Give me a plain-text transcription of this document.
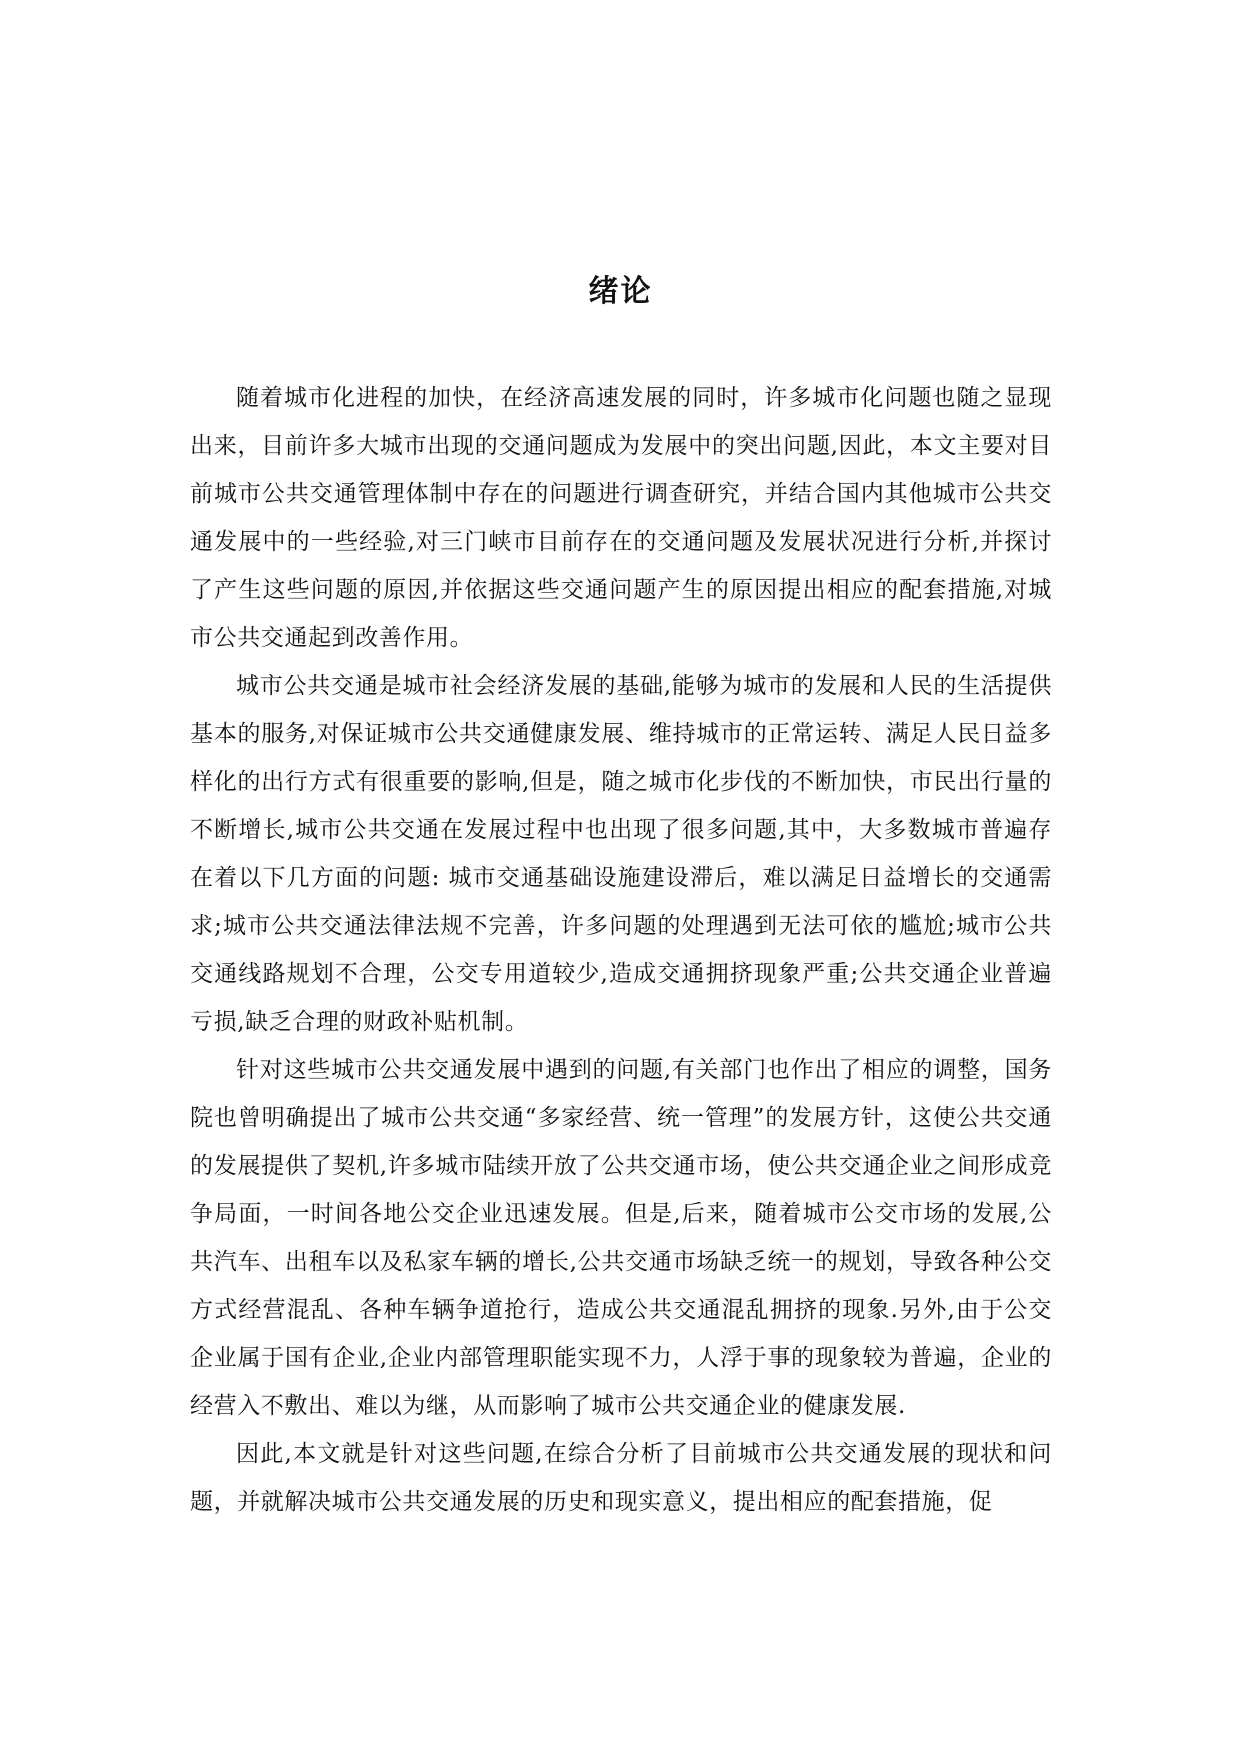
绪论

随着城市化进程的加快，在经济高速发展的同时，许多城市化问题也随之显现出来，目前许多大城市出现的交通问题成为发展中的突出问题,因此，本文主要对目前城市公共交通管理体制中存在的问题进行调查研究，并结合国内其他城市公共交通发展中的一些经验,对三门峡市目前存在的交通问题及发展状况进行分析,并探讨了产生这些问题的原因,并依据这些交通问题产生的原因提出相应的配套措施,对城市公共交通起到改善作用。

城市公共交通是城市社会经济发展的基础,能够为城市的发展和人民的生活提供基本的服务,对保证城市公共交通健康发展、维持城市的正常运转、满足人民日益多样化的出行方式有很重要的影响,但是，随之城市化步伐的不断加快，市民出行量的不断增长,城市公共交通在发展过程中也出现了很多问题,其中，大多数城市普遍存在着以下几方面的问题: 城市交通基础设施建设滞后，难以满足日益增长的交通需求;城市公共交通法律法规不完善，许多问题的处理遇到无法可依的尴尬;城市公共交通线路规划不合理，公交专用道较少,造成交通拥挤现象严重;公共交通企业普遍亏损,缺乏合理的财政补贴机制。

针对这些城市公共交通发展中遇到的问题,有关部门也作出了相应的调整，国务院也曾明确提出了城市公共交通“多家经营、统一管理”的发展方针，这使公共交通的发展提供了契机,许多城市陆续开放了公共交通市场，使公共交通企业之间形成竞争局面，一时间各地公交企业迅速发展。但是,后来，随着城市公交市场的发展,公共汽车、出租车以及私家车辆的增长,公共交通市场缺乏统一的规划，导致各种公交方式经营混乱、各种车辆争道抢行，造成公共交通混乱拥挤的现象.另外,由于公交企业属于国有企业,企业内部管理职能实现不力，人浮于事的现象较为普遍，企业的经营入不敷出、难以为继，从而影响了城市公共交通企业的健康发展.

因此,本文就是针对这些问题,在综合分析了目前城市公共交通发展的现状和问题，并就解决城市公共交通发展的历史和现实意义，提出相应的配套措施，促
